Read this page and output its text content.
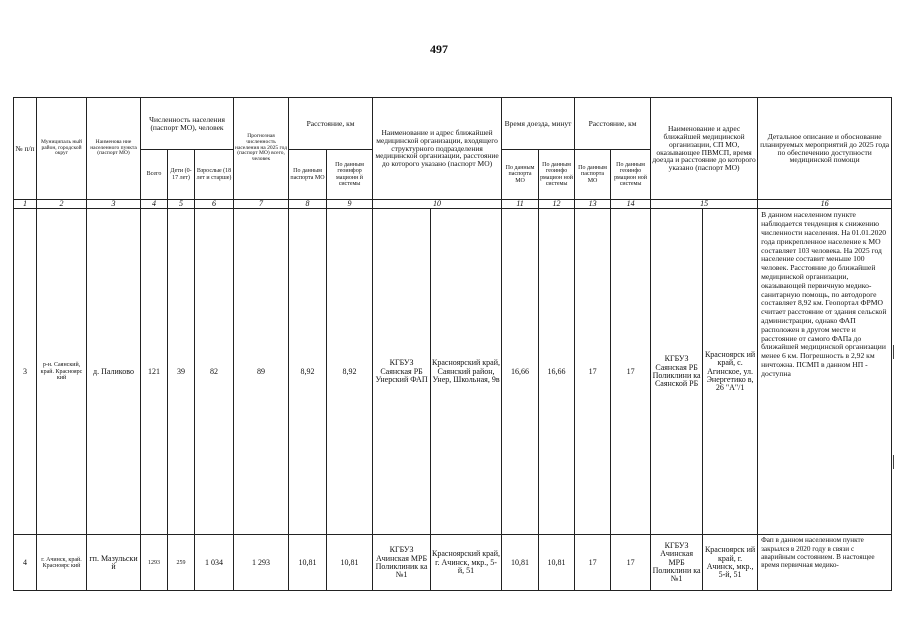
497
№ п/п	Муниципаль ный район, городской округ	Наименова ние населенного пункта (паспорт МО)	Численность населения (паспорт МО), человек			Прогнозная численность населения на 2025 год (паспорт МО) всего, человек	Расстояние, км		Наименование и адрес ближайшей медицинской организации, входящего структурного подразделения медицинской организации, расстояние до которого указано (паспорт МО)		Время доезда, минут		Расстояние, км		Наименование и адрес ближайшей медицинской организации, СП МО, оказывающее ПВМСП, время доезда и расстояние до которого указано (паспорт МО)		Детальное описание и обоснование планируемых мероприятий до 2025 года по обеспечению доступности медицинской помощи
			Всего	Дети (0-17 лет)	Взрослые (18 лет и старше)		По данным паспорта МО	По данным геоинфор мационн й системы			По данным паспорта МО	По данным геоинфо рмацион ной системы	По данным паспорта МО	По данным геоинфо рмацион ной системы			
1	2	3	4	5	6	7	8	9	10		11	12	13	14	15		16
3	р-н. Саянский, край. Красноярс кий	д. Паликово	121	39	82	89	8,92	8,92	КГБУЗ Саянская РБ Унерский ФАП	Красноярский край, Саянский район, Унер, Школьная, 9в	16,66	16,66	17	17	КГБУЗ Саянская РБ Поликлини ка Саянской РБ	Красноярск ий край, с. Агинское, ул. Энергетико в, 26 "А"/1	В данном населенном пункте наблюдается тенденция к снижению численности населения. На 01.01.2020 года прикрепленное население к МО составляет 103 человека. На 2025 год население составит меньше 100 человек. Расстояние до ближайшей медицинской организации, оказывающей первичную медико-санитарную помощь, по автодороге составляет 8,92 км. Геопортал ФРМО считает расстояние от здания сельской администрации, однако ФАП расположен в другом месте и расстояние от самого ФАПа до ближайшей медицинской организации менее 6 км. Погрешность в 2,92 км ничтожна. ПСМП в данном НП - доступна
4	г. Ачинск, край. Красноярс кий	гп. Мазульски й	1293	259	1 034	1 293	10,81	10,81	КГБУЗ Ачинская МРБ Поликлиник ка №1	Красноярский край, г. Ачинск, мкр., 5-й, 51	10,81	10,81	17	17	КГБУЗ Ачинская МРБ Поликлини ка №1	Красноярск ий край, г. Ачинск, мкр., 5-й, 51	Фап в данном населенном пункте закрылся в 2020 году в связи с аварийным состоянием. В настоящее время первичная медико-
